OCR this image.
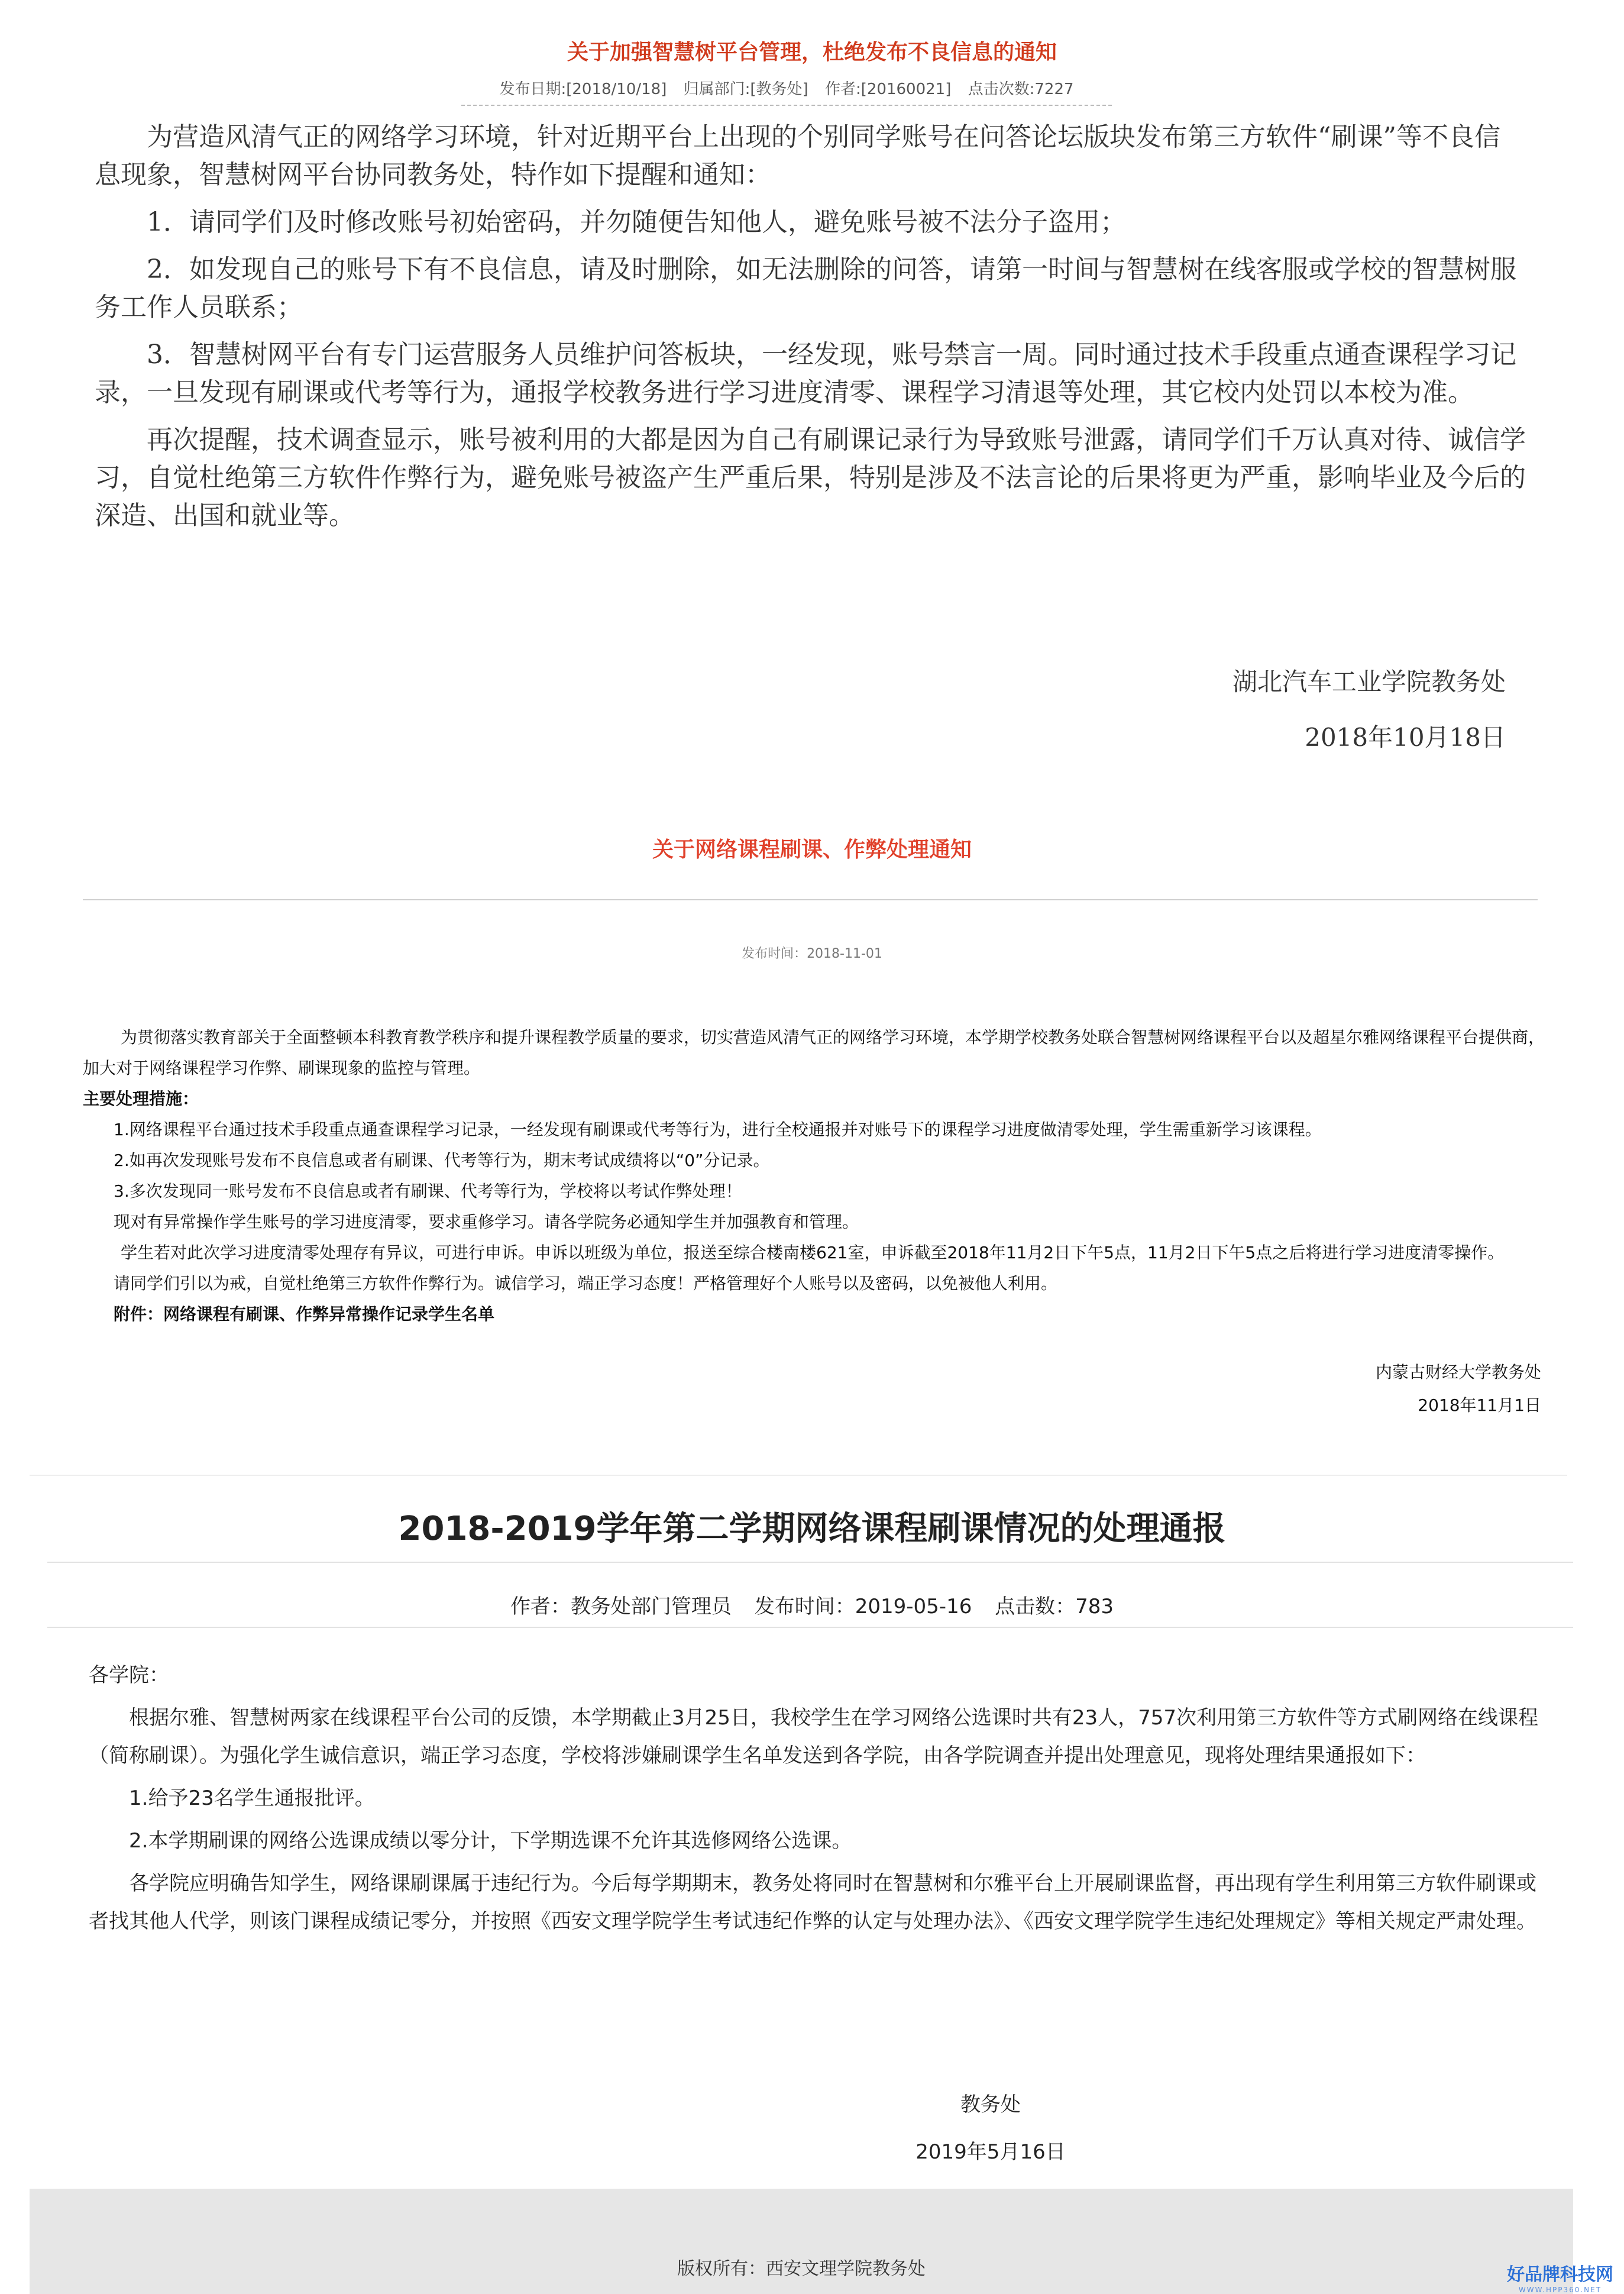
关于加强智慧树平台管理，杜绝发布不良信息的通知
发布日期:[2018/10/18] 归属部门:[教务处] 作者:[20160021] 点击次数:7227

为营造风清气正的网络学习环境，针对近期平台上出现的个别同学账号在问答论坛版块发布第三方软件“刷课”等不良信息现象，智慧树网平台协同教务处，特作如下提醒和通知：

1．请同学们及时修改账号初始密码，并勿随便告知他人，避免账号被不法分子盗用；

2．如发现自己的账号下有不良信息，请及时删除，如无法删除的问答，请第一时间与智慧树在线客服或学校的智慧树服务工作人员联系；

3．智慧树网平台有专门运营服务人员维护问答板块，一经发现，账号禁言一周。同时通过技术手段重点通查课程学习记录，一旦发现有刷课或代考等行为，通报学校教务进行学习进度清零、课程学习清退等处理，其它校内处罚以本校为准。

再次提醒，技术调查显示，账号被利用的大都是因为自己有刷课记录行为导致账号泄露，请同学们千万认真对待、诚信学习，自觉杜绝第三方软件作弊行为，避免账号被盗产生严重后果，特别是涉及不法言论的后果将更为严重，影响毕业及今后的深造、出国和就业等。

湖北汽车工业学院教务处
2018年10月18日
关于网络课程刷课、作弊处理通知
发布时间：2018-11-01

为贯彻落实教育部关于全面整顿本科教育教学秩序和提升课程教学质量的要求，切实营造风清气正的网络学习环境，本学期学校教务处联合智慧树网络课程平台以及超星尔雅网络课程平台提供商，加大对于网络课程学习作弊、刷课现象的监控与管理。

主要处理措施：

1.网络课程平台通过技术手段重点通查课程学习记录，一经发现有刷课或代考等行为，进行全校通报并对账号下的课程学习进度做清零处理，学生需重新学习该课程。

2.如再次发现账号发布不良信息或者有刷课、代考等行为，期末考试成绩将以“0”分记录。

3.多次发现同一账号发布不良信息或者有刷课、代考等行为，学校将以考试作弊处理！

现对有异常操作学生账号的学习进度清零，要求重修学习。请各学院务必通知学生并加强教育和管理。

学生若对此次学习进度清零处理存有异议，可进行申诉。申诉以班级为单位，报送至综合楼南楼621室，申诉截至2018年11月2日下午5点，11月2日下午5点之后将进行学习进度清零操作。

请同学们引以为戒，自觉杜绝第三方软件作弊行为。诚信学习，端正学习态度！严格管理好个人账号以及密码，以免被他人利用。

附件：网络课程有刷课、作弊异常操作记录学生名单

内蒙古财经大学教务处
2018年11月1日
2018-2019学年第二学期网络课程刷课情况的处理通报
作者：教务处部门管理员 发布时间：2019-05-16 点击数：783

各学院：

根据尔雅、智慧树两家在线课程平台公司的反馈，本学期截止3月25日，我校学生在学习网络公选课时共有23人，757次利用第三方软件等方式刷网络在线课程（简称刷课）。为强化学生诚信意识，端正学习态度，学校将涉嫌刷课学生名单发送到各学院，由各学院调查并提出处理意见，现将处理结果通报如下：

1.给予23名学生通报批评。

2.本学期刷课的网络公选课成绩以零分计，下学期选课不允许其选修网络公选课。

各学院应明确告知学生，网络课刷课属于违纪行为。今后每学期期末，教务处将同时在智慧树和尔雅平台上开展刷课监督，再出现有学生利用第三方软件刷课或者找其他人代学，则该门课程成绩记零分，并按照《西安文理学院学生考试违纪作弊的认定与处理办法》、《西安文理学院学生违纪处理规定》等相关规定严肃处理。

教务处
2019年5月16日
版权所有：西安文理学院教务处	好品牌科技网
WWW.HPP360.NET
